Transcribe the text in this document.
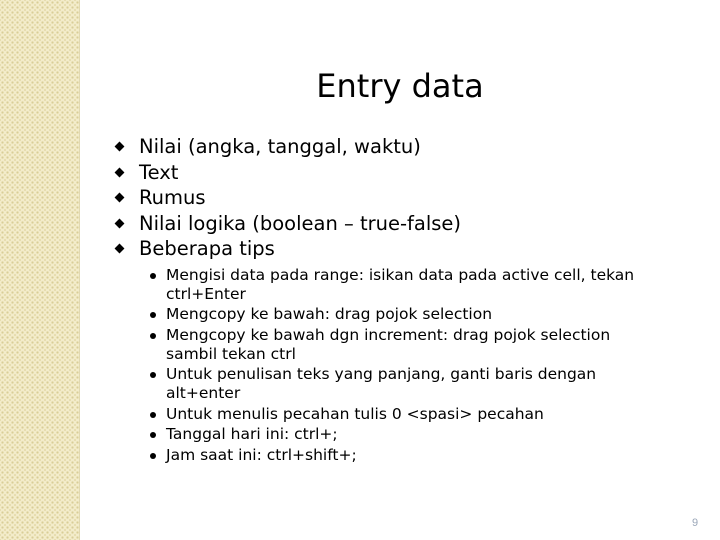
Entry data
Nilai (angka, tanggal, waktu)
Text
Rumus
Nilai logika (boolean – true-false)
Beberapa tips
Mengisi data pada range: isikan data pada active cell, tekan ctrl+Enter
Mengcopy ke bawah: drag pojok selection
Mengcopy ke bawah dgn increment: drag pojok selection sambil tekan ctrl
Untuk penulisan teks yang panjang, ganti baris dengan alt+enter
Untuk menulis pecahan tulis 0 <spasi> pecahan
Tanggal hari ini: ctrl+;
Jam saat ini: ctrl+shift+;
9
